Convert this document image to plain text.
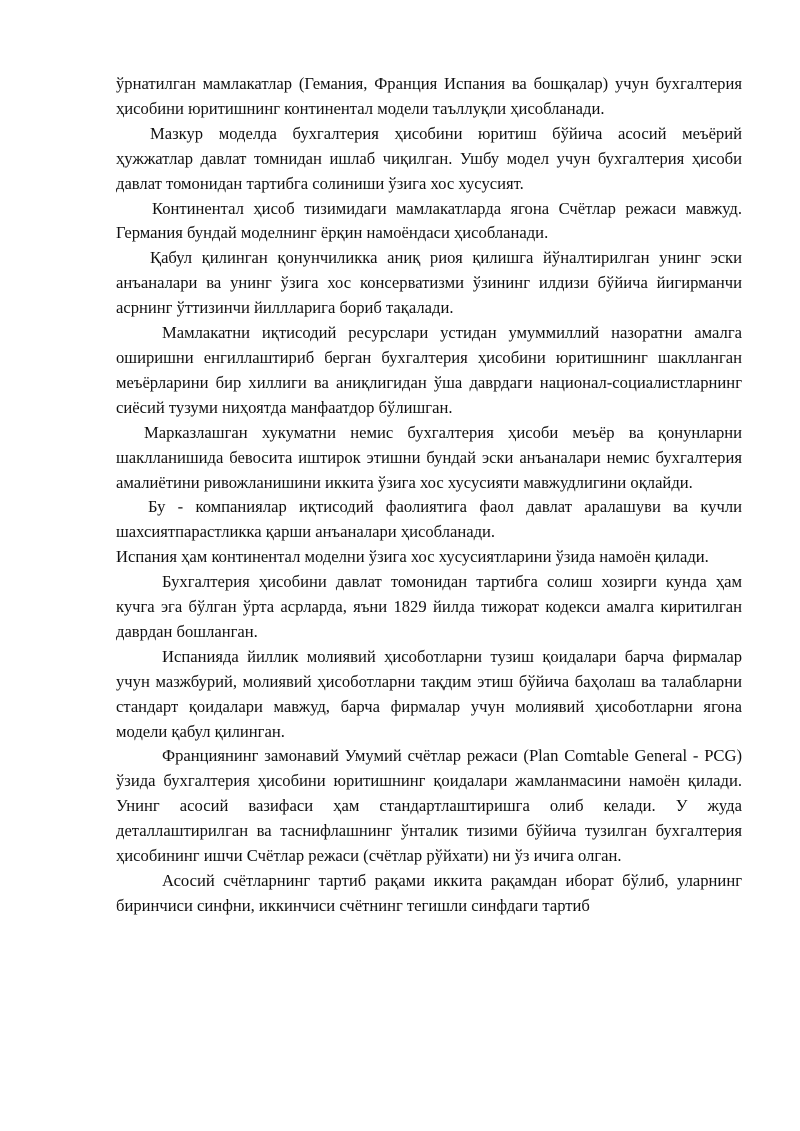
ўрнатилган мамлакатлар (Гемания, Франция Испания ва бошқалар) учун бухгалтерия ҳисобини юритишнинг континентал модели таъллуқли ҳисобланади.

Мазкур моделда бухгалтерия ҳисобини юритиш бўйича асосий меъёрий ҳужжатлар давлат томнидан ишлаб чиқилган. Ушбу модел учун бухгалтерия ҳисоби давлат томонидан тартибга солиниши ўзига хос хусусият.

Континентал ҳисоб тизимидаги мамлакатларда ягона Счётлар режаси мавжуд. Германия бундай моделнинг ёрқин намоёндаси ҳисобланади.

Қабул қилинган қонунчиликка аниқ риоя қилишга йўналтирилган унинг эски анъаналари ва унинг ўзига хос консерватизми ўзининг илдизи бўйича йигирманчи асрнинг ўттизинчи йиллларига бориб тақалади.

Мамлакатни иқтисодий ресурслари устидан умуммиллий назоратни амалга оширишни енгиллаштириб берган бухгалтерия ҳисобини юритишнинг шаклланган меъёрларини бир хиллиги ва аниқлигидан ўша даврдаги национал-социалистларнинг сиёсий тузуми ниҳоятда манфаатдор бўлишган.

Марказлашган хукуматни немис бухгалтерия ҳисоби меъёр ва қонунларни шаклланишида бевосита иштирок этишни бундай эски анъаналари немис бухгалтерия амалиётини ривожланишини иккита ўзига хос хусусияти мавжудлигини оқлайди.

Бу - компаниялар иқтисодий фаолиятига фаол давлат аралашуви ва кучли шахсиятпарастликка қарши анъаналари ҳисобланади.

Испания ҳам континентал моделни ўзига хос хусусиятларини ўзида намоён қилади.

Бухгалтерия ҳисобини давлат томонидан тартибга солиш хозирги кунда ҳам кучга эга бўлган ўрта асрларда, яъни 1829 йилда тижорат кодекси амалга киритилган даврдан бошланган.

Испанияда йиллик молиявий ҳисоботларни тузиш қоидалари барча фирмалар учун мазжбурий, молиявий ҳисоботларни тақдим этиш бўйича баҳолаш ва талабларни стандарт қоидалари мавжуд, барча фирмалар учун молиявий ҳисоботларни ягона модели қабул қилинган.

Франциянинг замонавий Умумий счётлар режаси (Plan Comtable General - PCG) ўзида бухгалтерия ҳисобини юритишнинг қоидалари жамланмасини намоён қилади. Унинг асосий вазифаси ҳам стандартлаштиришга олиб келади. У жуда деталлаштирилган ва таснифлашнинг ўнталик тизими бўйича тузилган бухгалтерия ҳисобининг ишчи Счётлар режаси (счётлар рўйхати) ни ўз ичига олган.

Асосий счётларнинг тартиб рақами иккита рақамдан иборат бўлиб, уларнинг биринчиси синфни, иккинчиси счётнинг тегишли синфдаги тартиб
